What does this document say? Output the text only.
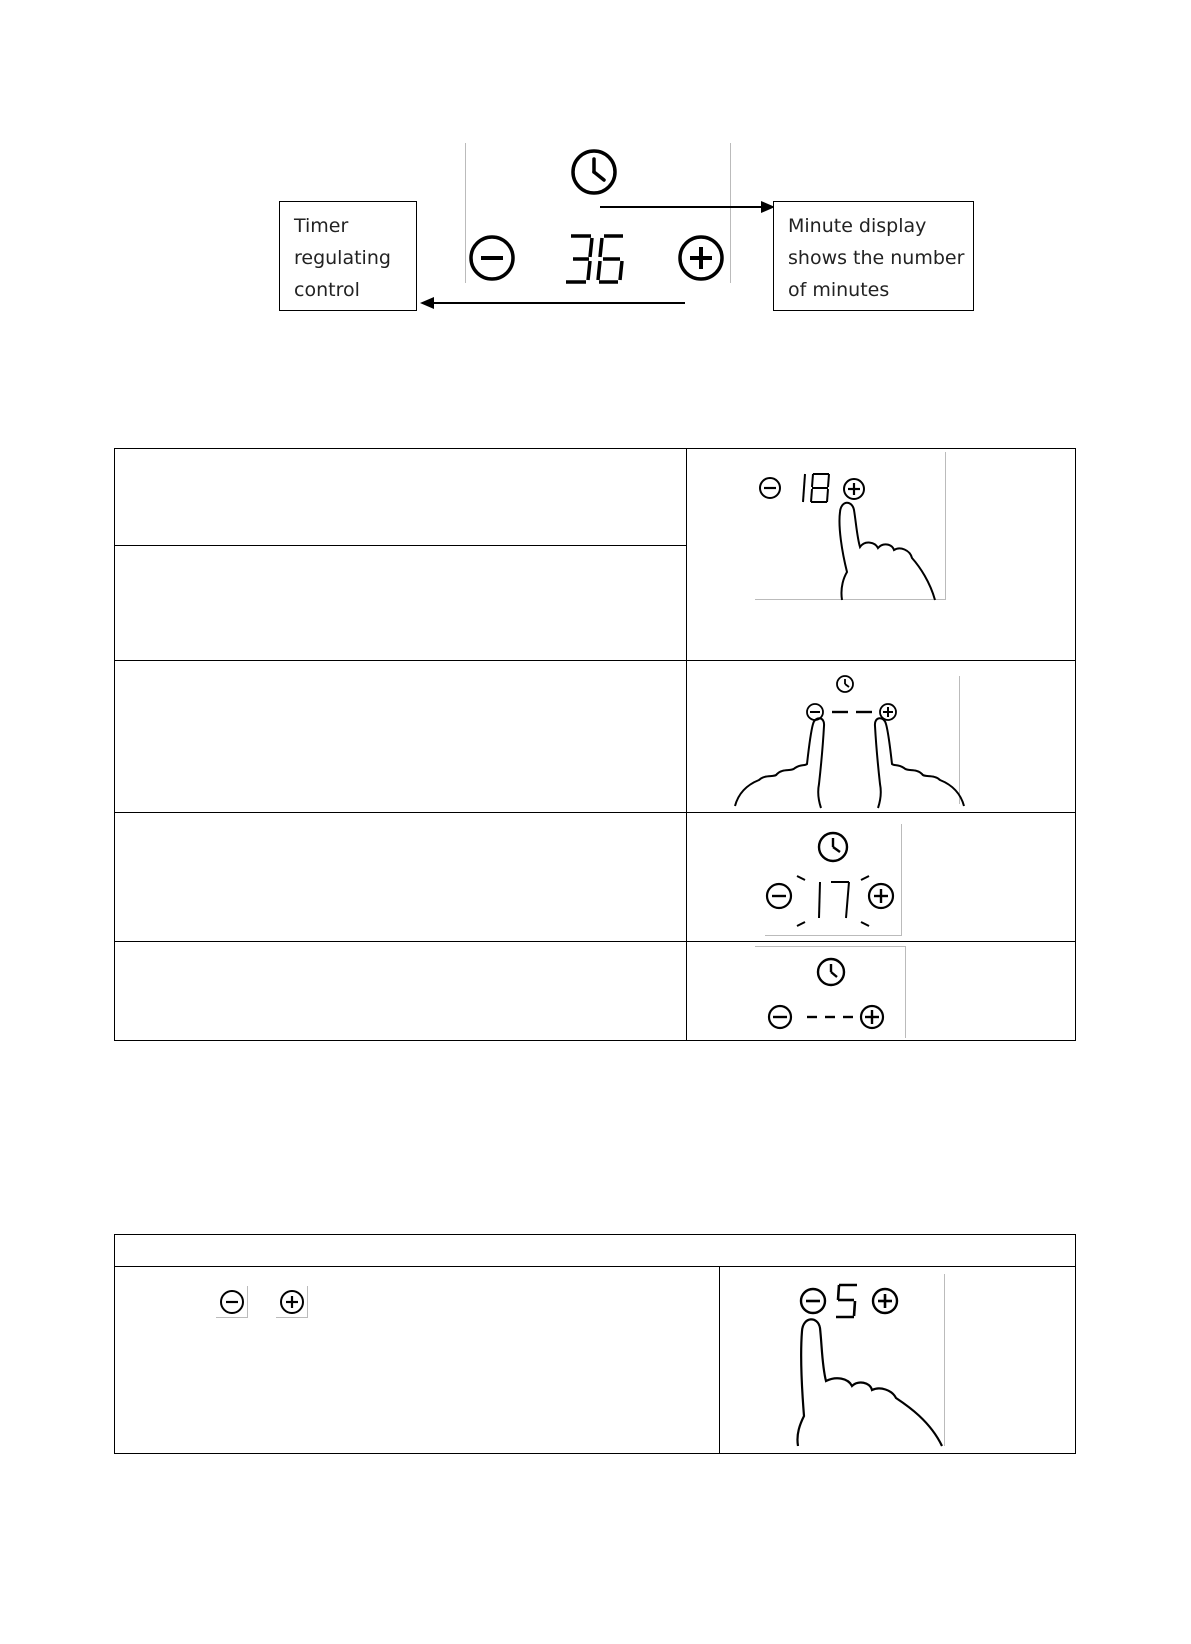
Timer
regulating
control
Minute display
shows the number
of minutes
